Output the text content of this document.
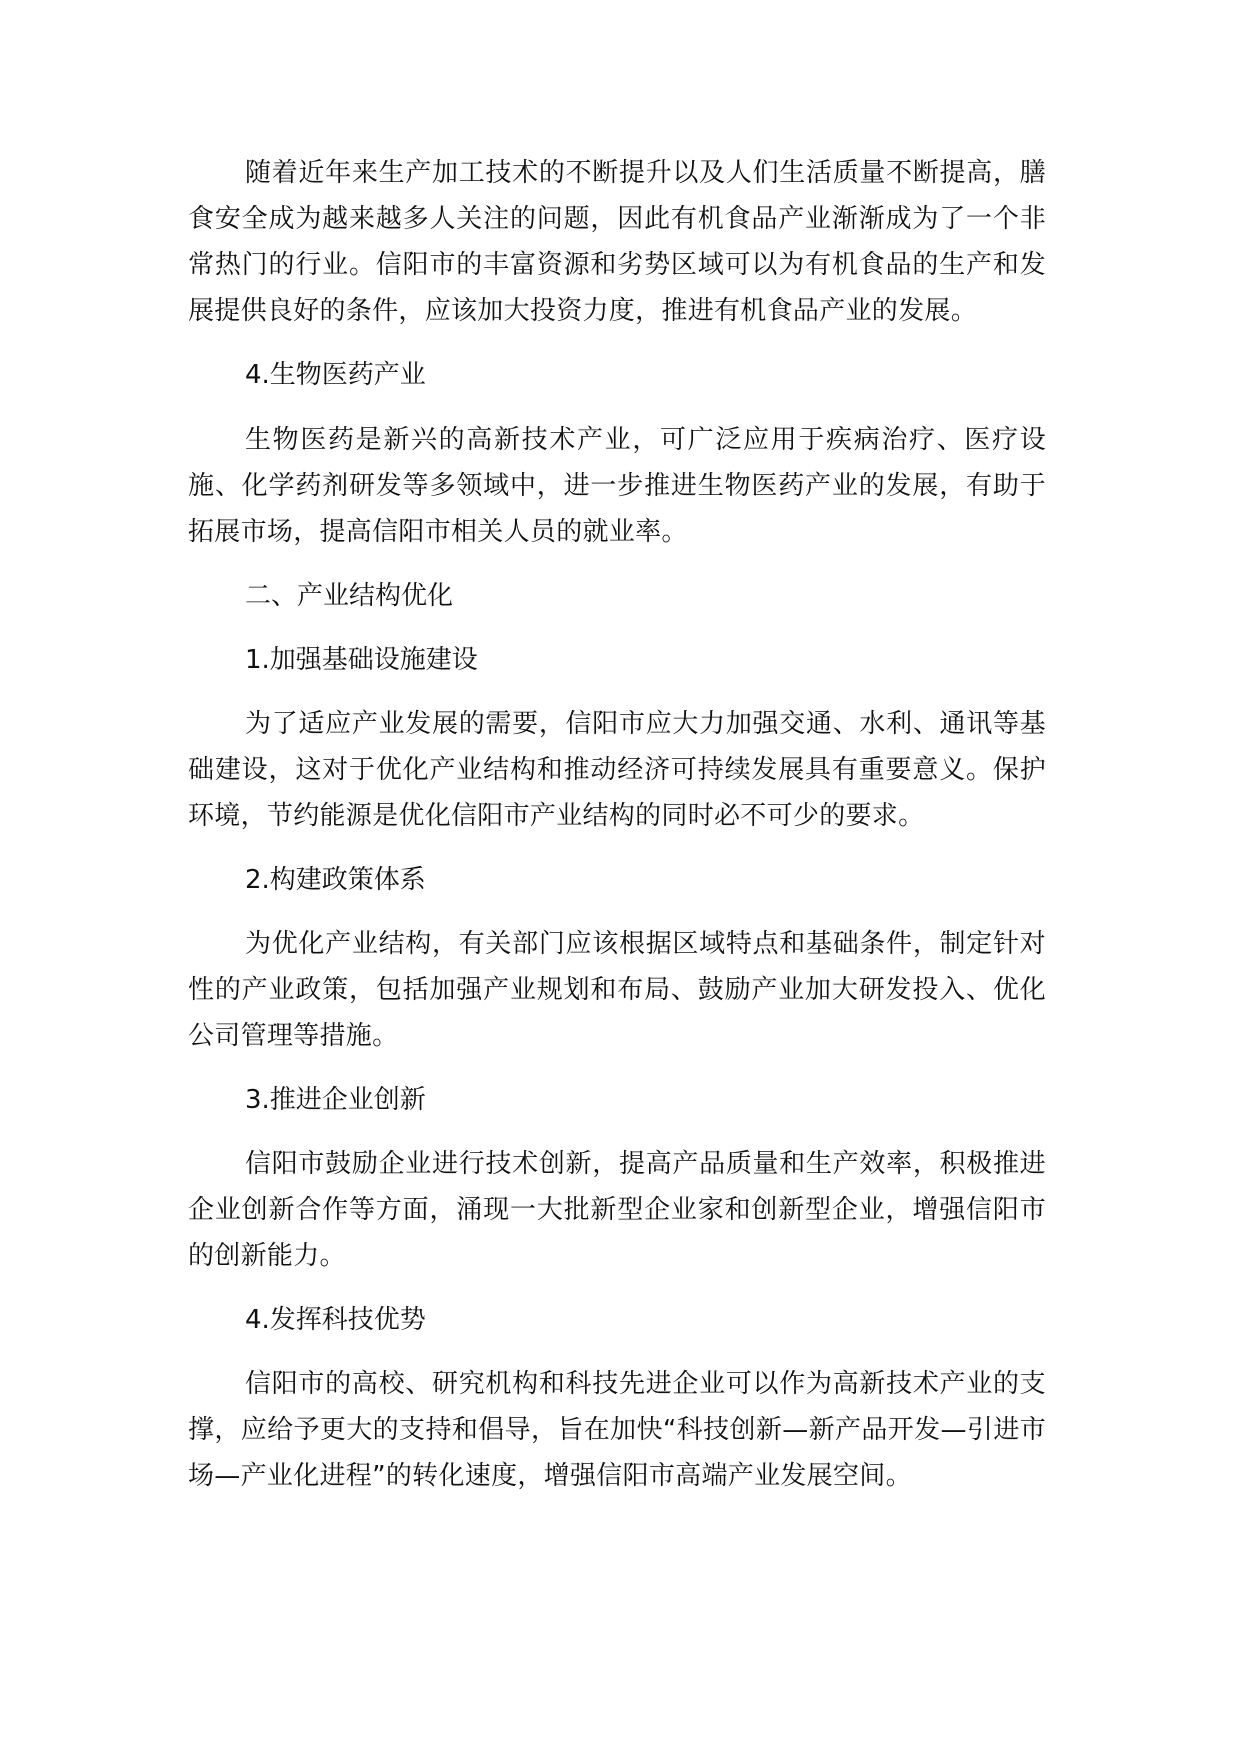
随着近年来生产加工技术的不断提升以及人们生活质量不断提高，膳食安全成为越来越多人关注的问题，因此有机食品产业渐渐成为了一个非常热门的行业。信阳市的丰富资源和劣势区域可以为有机食品的生产和发展提供良好的条件，应该加大投资力度，推进有机食品产业的发展。

4.生物医药产业

生物医药是新兴的高新技术产业，可广泛应用于疾病治疗、医疗设施、化学药剂研发等多领域中，进一步推进生物医药产业的发展，有助于拓展市场，提高信阳市相关人员的就业率。

二、产业结构优化

1.加强基础设施建设

为了适应产业发展的需要，信阳市应大力加强交通、水利、通讯等基础建设，这对于优化产业结构和推动经济可持续发展具有重要意义。保护环境，节约能源是优化信阳市产业结构的同时必不可少的要求。

2.构建政策体系

为优化产业结构，有关部门应该根据区域特点和基础条件，制定针对性的产业政策，包括加强产业规划和布局、鼓励产业加大研发投入、优化公司管理等措施。

3.推进企业创新

信阳市鼓励企业进行技术创新，提高产品质量和生产效率，积极推进企业创新合作等方面，涌现一大批新型企业家和创新型企业，增强信阳市的创新能力。

4.发挥科技优势

信阳市的高校、研究机构和科技先进企业可以作为高新技术产业的支撑，应给予更大的支持和倡导，旨在加快“科技创新—新产品开发—引进市场—产业化进程”的转化速度，增强信阳市高端产业发展空间。
